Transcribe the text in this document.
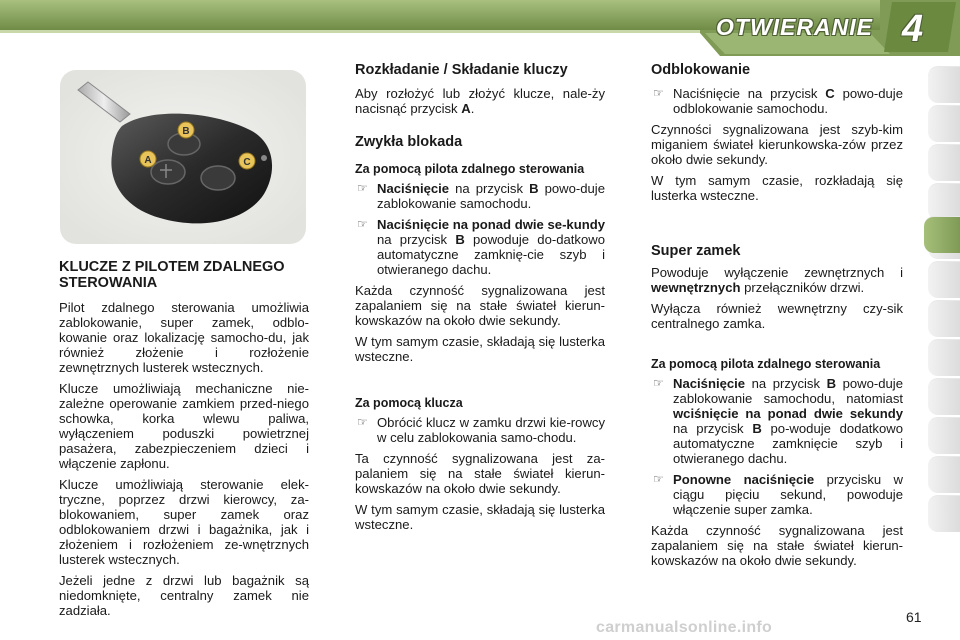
OTWIERANIE 4
A
B
C
KLUCZE Z PILOTEM ZDALNEGO STEROWANIA

Pilot zdalnego sterowania umożliwia zablokowanie, super zamek, odblo-kowanie oraz lokalizację samocho-du, jak również złożenie i rozłożenie zewnętrznych lusterek wstecznych.

Klucze umożliwiają mechaniczne nie-zależne operowanie zamkiem przed-niego schowka, korka wlewu paliwa, wyłączeniem poduszki powietrznej pasażera, zabezpieczeniem dzieci i włączenie zapłonu.

Klucze umożliwiają sterowanie elek-tryczne, poprzez drzwi kierowcy, za-blokowaniem, super zamek oraz odblokowaniem drzwi i bagażnika, jak i złożeniem i rozłożeniem ze-wnętrznych lusterek wstecznych.

Jeżeli jedne z drzwi lub bagażnik są niedomknięte, centralny zamek nie zadziała.

Rozkładanie / Składanie kluczy

Aby rozłożyć lub złożyć klucze, nale-ży nacisnąć przycisk A.

Zwykła blokada
Za pomocą pilota zdalnego sterowania
☞ Naciśnięcie na przycisk B powo-duje zablokowanie samochodu.
☞ Naciśnięcie na ponad dwie se-kundy na przycisk B powoduje do-datkowo automatyczne zamknię-cie szyb i otwieranego dachu.

Każda czynność sygnalizowana jest zapalaniem się na stałe świateł kierun-kowskazów na około dwie sekundy.

W tym samym czasie, składają się lusterka wsteczne.

Za pomocą klucza
☞ Obrócić klucz w zamku drzwi kie-rowcy w celu zablokowania samo-chodu.

Ta czynność sygnalizowana jest za-palaniem się na stałe świateł kierun-kowskazów na około dwie sekundy.

W tym samym czasie, składają się lusterka wsteczne.

Odblokowanie
☞ Naciśnięcie na przycisk C powo-duje odblokowanie samochodu.

Czynności sygnalizowana jest szyb-kim miganiem świateł kierunkowska-zów przez około dwie sekundy.

W tym samym czasie, rozkładają się lusterka wsteczne.

Super zamek

Powoduje wyłączenie zewnętrznych i wewnętrznych przełączników drzwi.

Wyłącza również wewnętrzny czy-sik centralnego zamka.

Za pomocą pilota zdalnego sterowania
☞ Naciśnięcie na przycisk B powo-duje zablokowanie samochodu, natomiast wciśnięcie na ponad dwie sekundy na przycisk B po-woduje dodatkowo automatyczne zamknięcie szyb i otwieranego dachu.
☞ Ponowne naciśnięcie przycisku w ciągu pięciu sekund, powoduje włączenie super zamka.

Każda czynność sygnalizowana jest zapalaniem się na stałe świateł kierun-kowskazów na około dwie sekundy.

carmanualsonline.info
61
